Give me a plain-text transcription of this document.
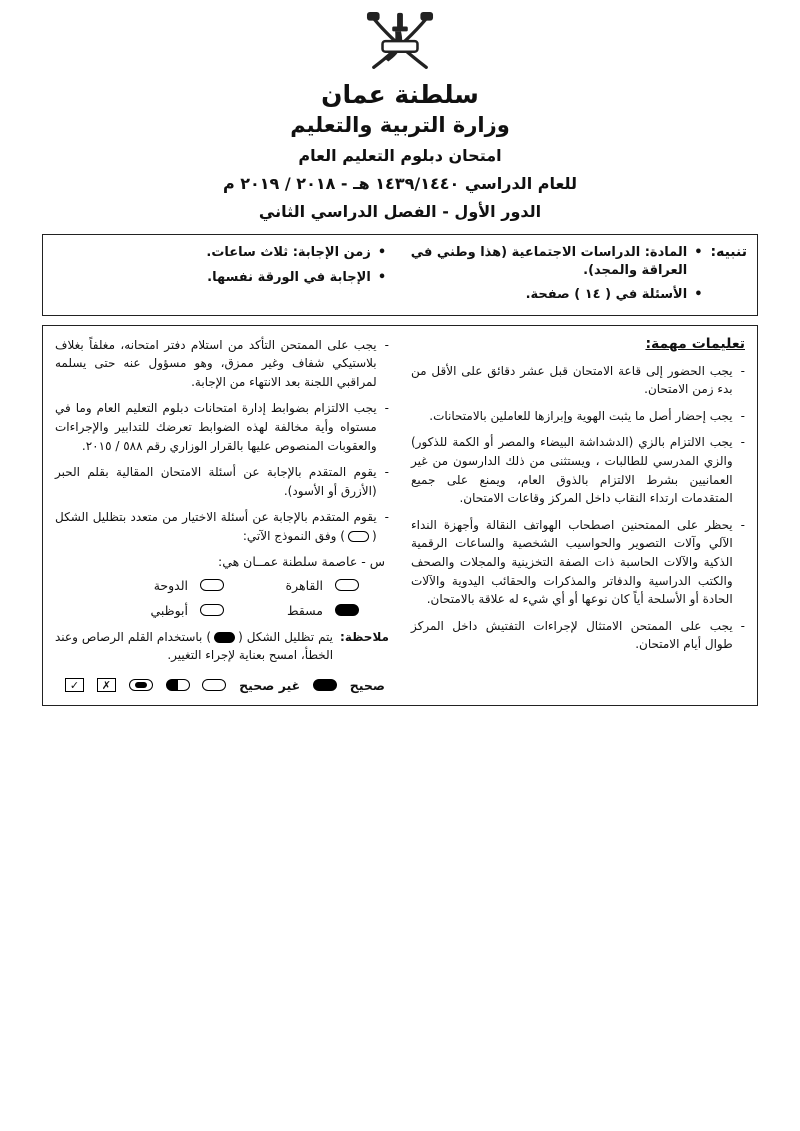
سلطنة عمان
وزارة التربية والتعليم
امتحان دبلوم التعليم العام
للعام الدراسي ١٤٣٩/١٤٤٠ هـ - ٢٠١٨ / ٢٠١٩ م
الدور الأول - الفصل الدراسي الثاني
تنبيه:
•
المادة: الدراسات الاجتماعية (هذا وطني في العراقة والمجد).
•
الأسئلة في ( ١٤ ) صفحة.
•
زمن الإجابة: ثلاث ساعات.
•
الإجابة في الورقة نفسها.
تعليمات مهمة:
-
يجب الحضور إلى قاعة الامتحان قبل عشر دقائق على الأقل من بدء زمن الامتحان.
-
يجب إحضار أصل ما يثبت الهوية وإبرازها للعاملين بالامتحانات.
-
يجب الالتزام بالزي (الدشداشة البيضاء والمصر أو الكمة للذكور) والزي المدرسي للطالبات ، ويستثنى من ذلك الدارسون من غير العمانيين بشرط الالتزام بالذوق العام، ويمنع على جميع المتقدمات ارتداء النقاب داخل المركز وقاعات الامتحان.
-
يحظر على الممتحنين اصطحاب الهواتف النقالة وأجهزة النداء الآلي وآلات التصوير والحواسيب الشخصية والساعات الرقمية الذكية والآلات الحاسبة ذات الصفة التخزينية والمجلات والصحف والكتب الدراسية والدفاتر والمذكرات والحقائب اليدوية والآلات الحادة أو الأسلحة أياً كان نوعها أو أي شيء له علاقة بالامتحان.
-
يجب على الممتحن الامتثال لإجراءات التفتيش داخل المركز طوال أيام الامتحان.
-
يجب على الممتحن التأكد من استلام دفتر امتحانه، مغلفاً بغلاف بلاستيكي شفاف وغير ممزق، وهو مسؤول عنه حتى يسلمه لمراقبي اللجنة بعد الانتهاء من الإجابة.
-
يجب الالتزام بضوابط إدارة امتحانات دبلوم التعليم العام وما في مستواه وأية مخالفة لهذه الضوابط تعرضك للتدابير والإجراءات والعقوبات المنصوص عليها بالقرار الوزاري رقم ٥٨٨ / ٢٠١٥.
-
يقوم المتقدم بالإجابة عن أسئلة الامتحان المقالية بقلم الحبر (الأزرق أو الأسود).
-
يقوم المتقدم بالإجابة عن أسئلة الاختيار من متعدد بتظليل الشكل () وفق النموذج الآتي:
س - عاصمة سلطنة عمــان هي:
القاهرة
الدوحة
مسقط
أبوظبي
ملاحظة:
يتم تظليل الشكل () باستخدام القلم الرصاص وعند الخطأ، امسح بعناية لإجراء التغيير.
صحيح
غير صحيح
✗
✓
